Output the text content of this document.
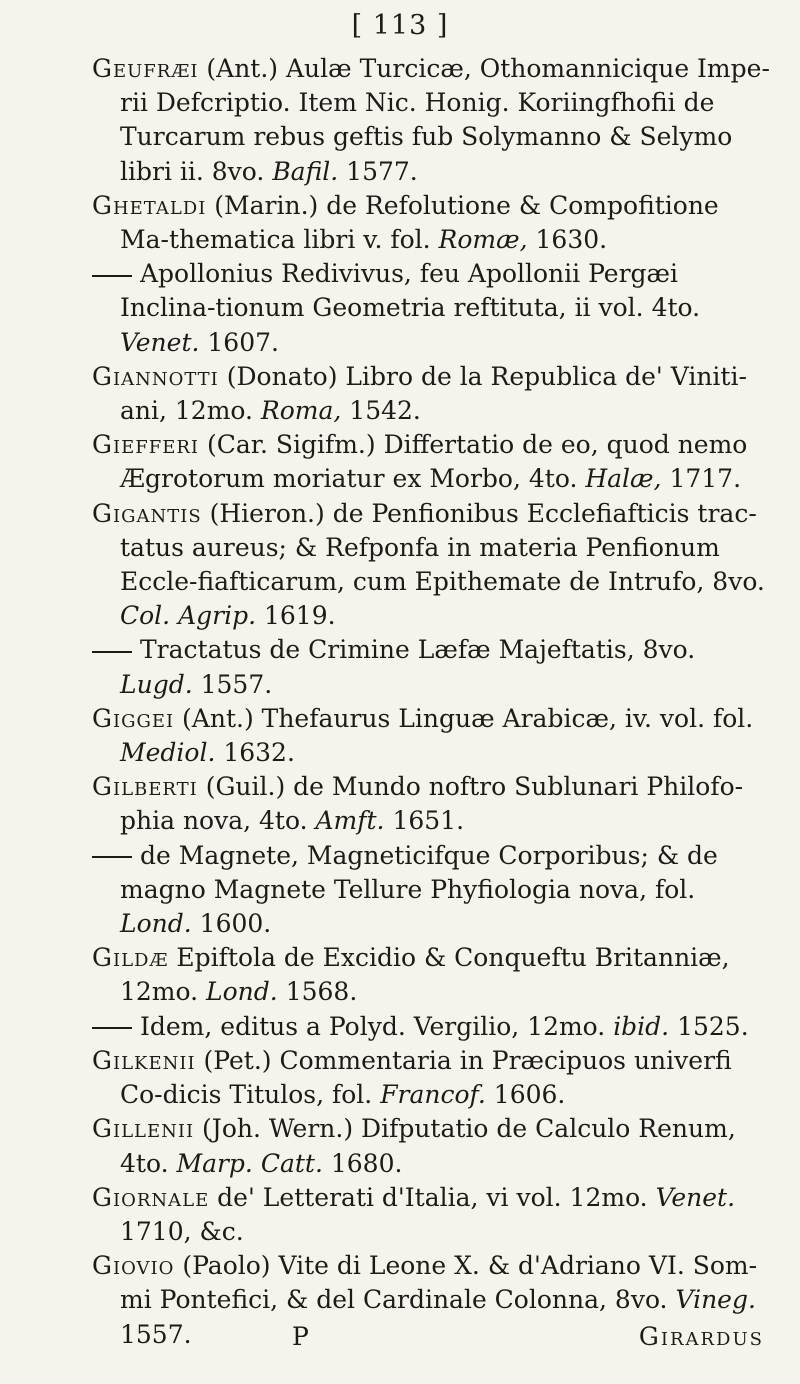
[ 113 ]
Geufræi (Ant.) Aulæ Turcicæ, Othomannicique Impe-rii Defcriptio. Item Nic. Honig. Koriingfhofii de Turcarum rebus geftis fub Solymanno & Selymo libri ii. 8vo. Bafil. 1577.
Ghetaldi (Marin.) de Refolutione & Compofitione Ma-thematica libri v. fol. Romæ, 1630.
Apollonius Redivivus, feu Apollonii Pergæi Inclina-tionum Geometria reftituta, ii vol. 4to. Venet. 1607.
Giannotti (Donato) Libro de la Republica de' Viniti-ani, 12mo. Roma, 1542.
Giefferi (Car. Sigifm.) Differtatio de eo, quod nemo Ægrotorum moriatur ex Morbo, 4to. Halæ, 1717.
Gigantis (Hieron.) de Penfionibus Ecclefiafticis trac-tatus aureus; & Refponfa in materia Penfionum Eccle-fiafticarum, cum Epithemate de Intrufo, 8vo. Col. Agrip. 1619.
Tractatus de Crimine Læfæ Majeftatis, 8vo. Lugd. 1557.
Giggei (Ant.) Thefaurus Linguæ Arabicæ, iv. vol. fol. Mediol. 1632.
Gilberti (Guil.) de Mundo noftro Sublunari Philofo-phia nova, 4to. Amft. 1651.
de Magnete, Magneticifque Corporibus; & de magno Magnete Tellure Phyfiologia nova, fol. Lond. 1600.
Gildæ Epiftola de Excidio & Conqueftu Britanniæ, 12mo. Lond. 1568.
Idem, editus a Polyd. Vergilio, 12mo. ibid. 1525.
Gilkenii (Pet.) Commentaria in Præcipuos univerfi Co-dicis Titulos, fol. Francof. 1606.
Gillenii (Joh. Wern.) Difputatio de Calculo Renum, 4to. Marp. Catt. 1680.
Giornale de' Letterati d'Italia, vi vol. 12mo. Venet. 1710, &c.
Giovio (Paolo) Vite di Leone X. & d'Adriano VI. Som-mi Pontefici, & del Cardinale Colonna, 8vo. Vineg. 1557.	P	Girardus
